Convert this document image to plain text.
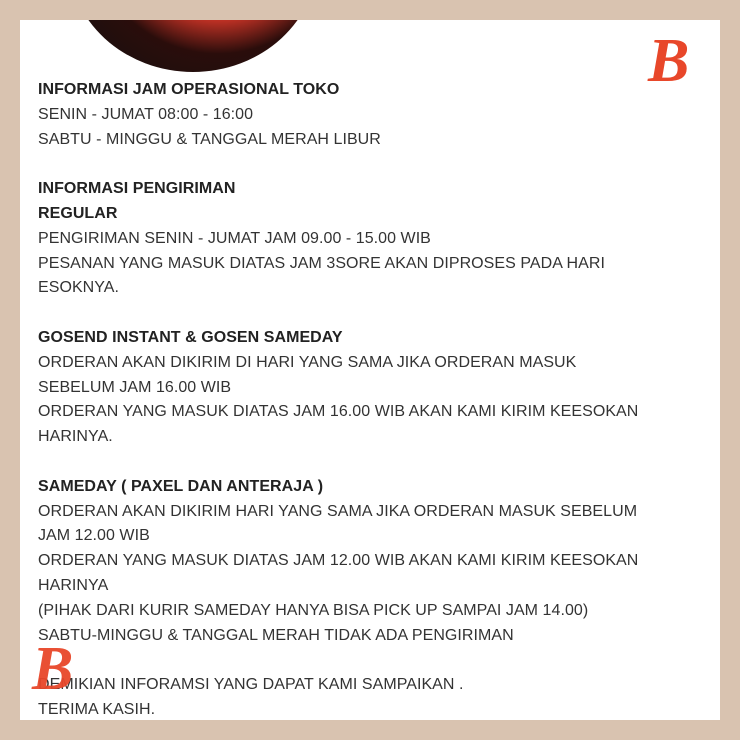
B
INFORMASI JAM OPERASIONAL TOKO
SENIN - JUMAT 08:00 - 16:00
SABTU - MINGGU & TANGGAL MERAH LIBUR
INFORMASI PENGIRIMAN
REGULAR
PENGIRIMAN SENIN - JUMAT JAM 09.00 - 15.00 WIB
PESANAN YANG MASUK DIATAS JAM 3SORE AKAN DIPROSES PADA HARI
ESOKNYA.
GOSEND INSTANT & GOSEN SAMEDAY
ORDERAN AKAN DIKIRIM DI HARI YANG SAMA JIKA ORDERAN MASUK
SEBELUM JAM 16.00 WIB
ORDERAN YANG MASUK DIATAS JAM 16.00 WIB AKAN KAMI KIRIM KEESOKAN
HARINYA.
SAMEDAY ( PAXEL DAN ANTERAJA )
ORDERAN AKAN DIKIRIM HARI YANG SAMA JIKA ORDERAN MASUK SEBELUM
JAM 12.00 WIB
ORDERAN YANG MASUK DIATAS JAM 12.00 WIB AKAN KAMI KIRIM KEESOKAN
HARINYA
(PIHAK DARI KURIR SAMEDAY HANYA BISA PICK UP SAMPAI JAM 14.00)
SABTU-MINGGU & TANGGAL MERAH TIDAK ADA PENGIRIMAN
DEMIKIAN INFORAMSI YANG DAPAT KAMI SAMPAIKAN .
TERIMA KASIH.
B
